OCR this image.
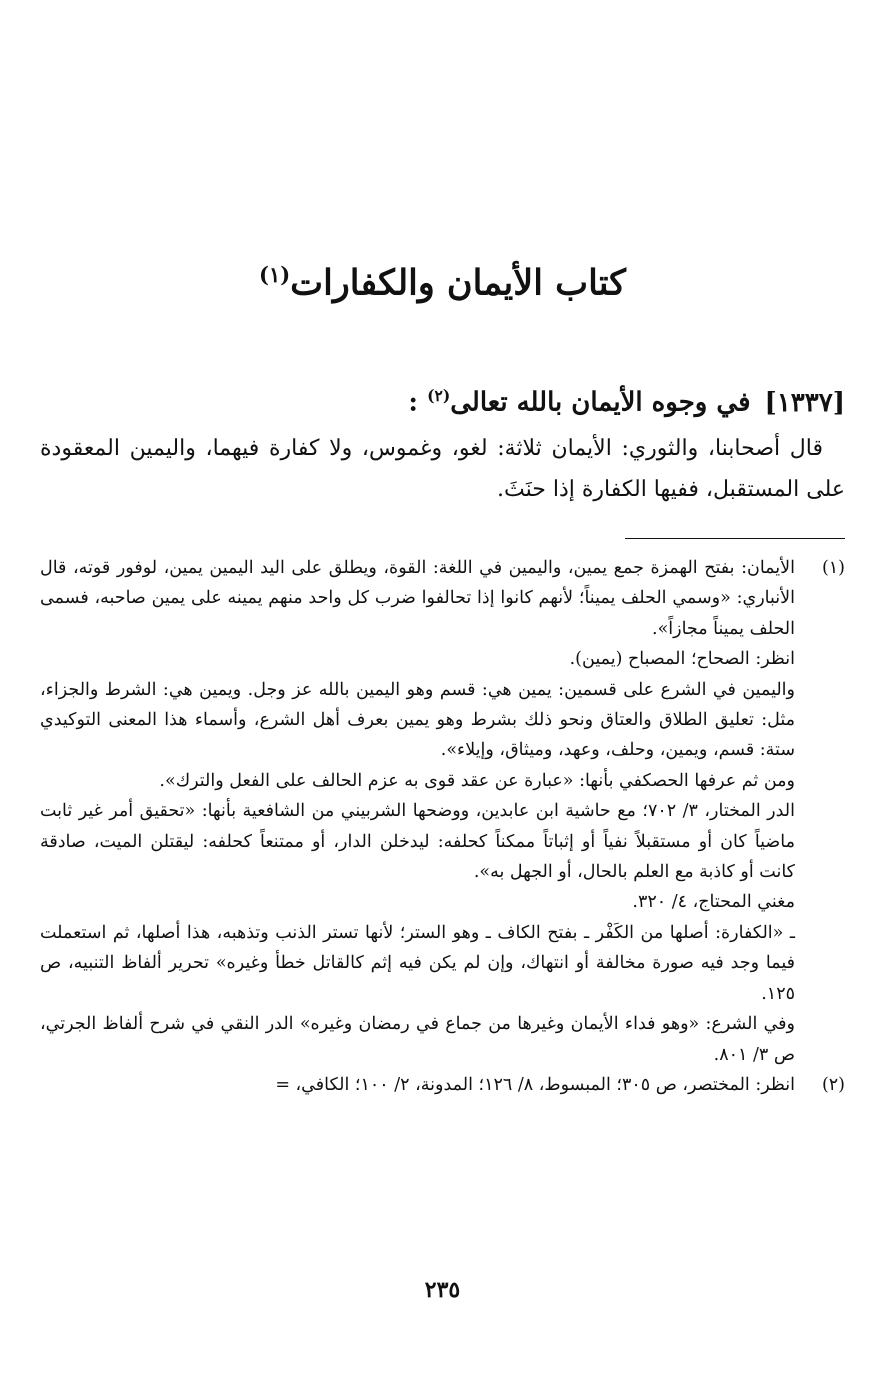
كتاب الأيمان والكفارات$^{(١)}$
[١٣٣٧]في وجوه الأيمان بالله تعالى$^{(٢)}$ :

قال أصحابنا، والثوري: الأيمان ثلاثة: لغو، وغموس، ولا كفارة فيهما، واليمين المعقودة على المستقبل، ففيها الكفارة إذا حنَثَ.

(١)
الأيمان: بفتح الهمزة جمع يمين، واليمين في اللغة: القوة، ويطلق على اليد اليمين يمين، لوفور قوته، قال الأنباري: «وسمي الحلف يميناً؛ لأنهم كانوا إذا تحالفوا ضرب كل واحد منهم يمينه على يمين صاحبه، فسمى الحلف يميناً مجازاً».
انظر: الصحاح؛ المصباح (يمين).
واليمين في الشرع على قسمين: يمين هي: قسم وهو اليمين بالله عز وجل. ويمين هي: الشرط والجزاء، مثل: تعليق الطلاق والعتاق ونحو ذلك بشرط وهو يمين بعرف أهل الشرع، وأسماء هذا المعنى التوكيدي ستة: قسم، ويمين، وحلف، وعهد، وميثاق، وإيلاء».
ومن ثم عرفها الحصكفي بأنها: «عبارة عن عقد قوى به عزم الحالف على الفعل والترك».
الدر المختار، ٣/ ٧٠٢؛ مع حاشية ابن عابدين، ووضحها الشربيني من الشافعية بأنها: «تحقيق أمر غير ثابت ماضياً كان أو مستقبلاً نفياً أو إثباتاً ممكناً كحلفه: ليدخلن الدار، أو ممتنعاً كحلفه: ليقتلن الميت، صادقة كانت أو كاذبة مع العلم بالحال، أو الجهل به».
مغني المحتاج، ٤/ ٣٢٠.
ـ «الكفارة: أصلها من الكَفْر ـ بفتح الكاف ـ وهو الستر؛ لأنها تستر الذنب وتذهبه، هذا أصلها، ثم استعملت فيما وجد فيه صورة مخالفة أو انتهاك، وإن لم يكن فيه إثم كالقاتل خطأ وغيره» تحرير ألفاظ التنبيه، ص ١٢٥.
وفي الشرع: «وهو فداء الأيمان وغيرها من جماع في رمضان وغيره» الدر النقي في شرح ألفاظ الجرتي، ص ٣/ ٨٠١.
(٢)
انظر: المختصر، ص ٣٠٥؛ المبسوط، ٨/ ١٢٦؛ المدونة، ٢/ ١٠٠؛ الكافي، =
٢٣٥
